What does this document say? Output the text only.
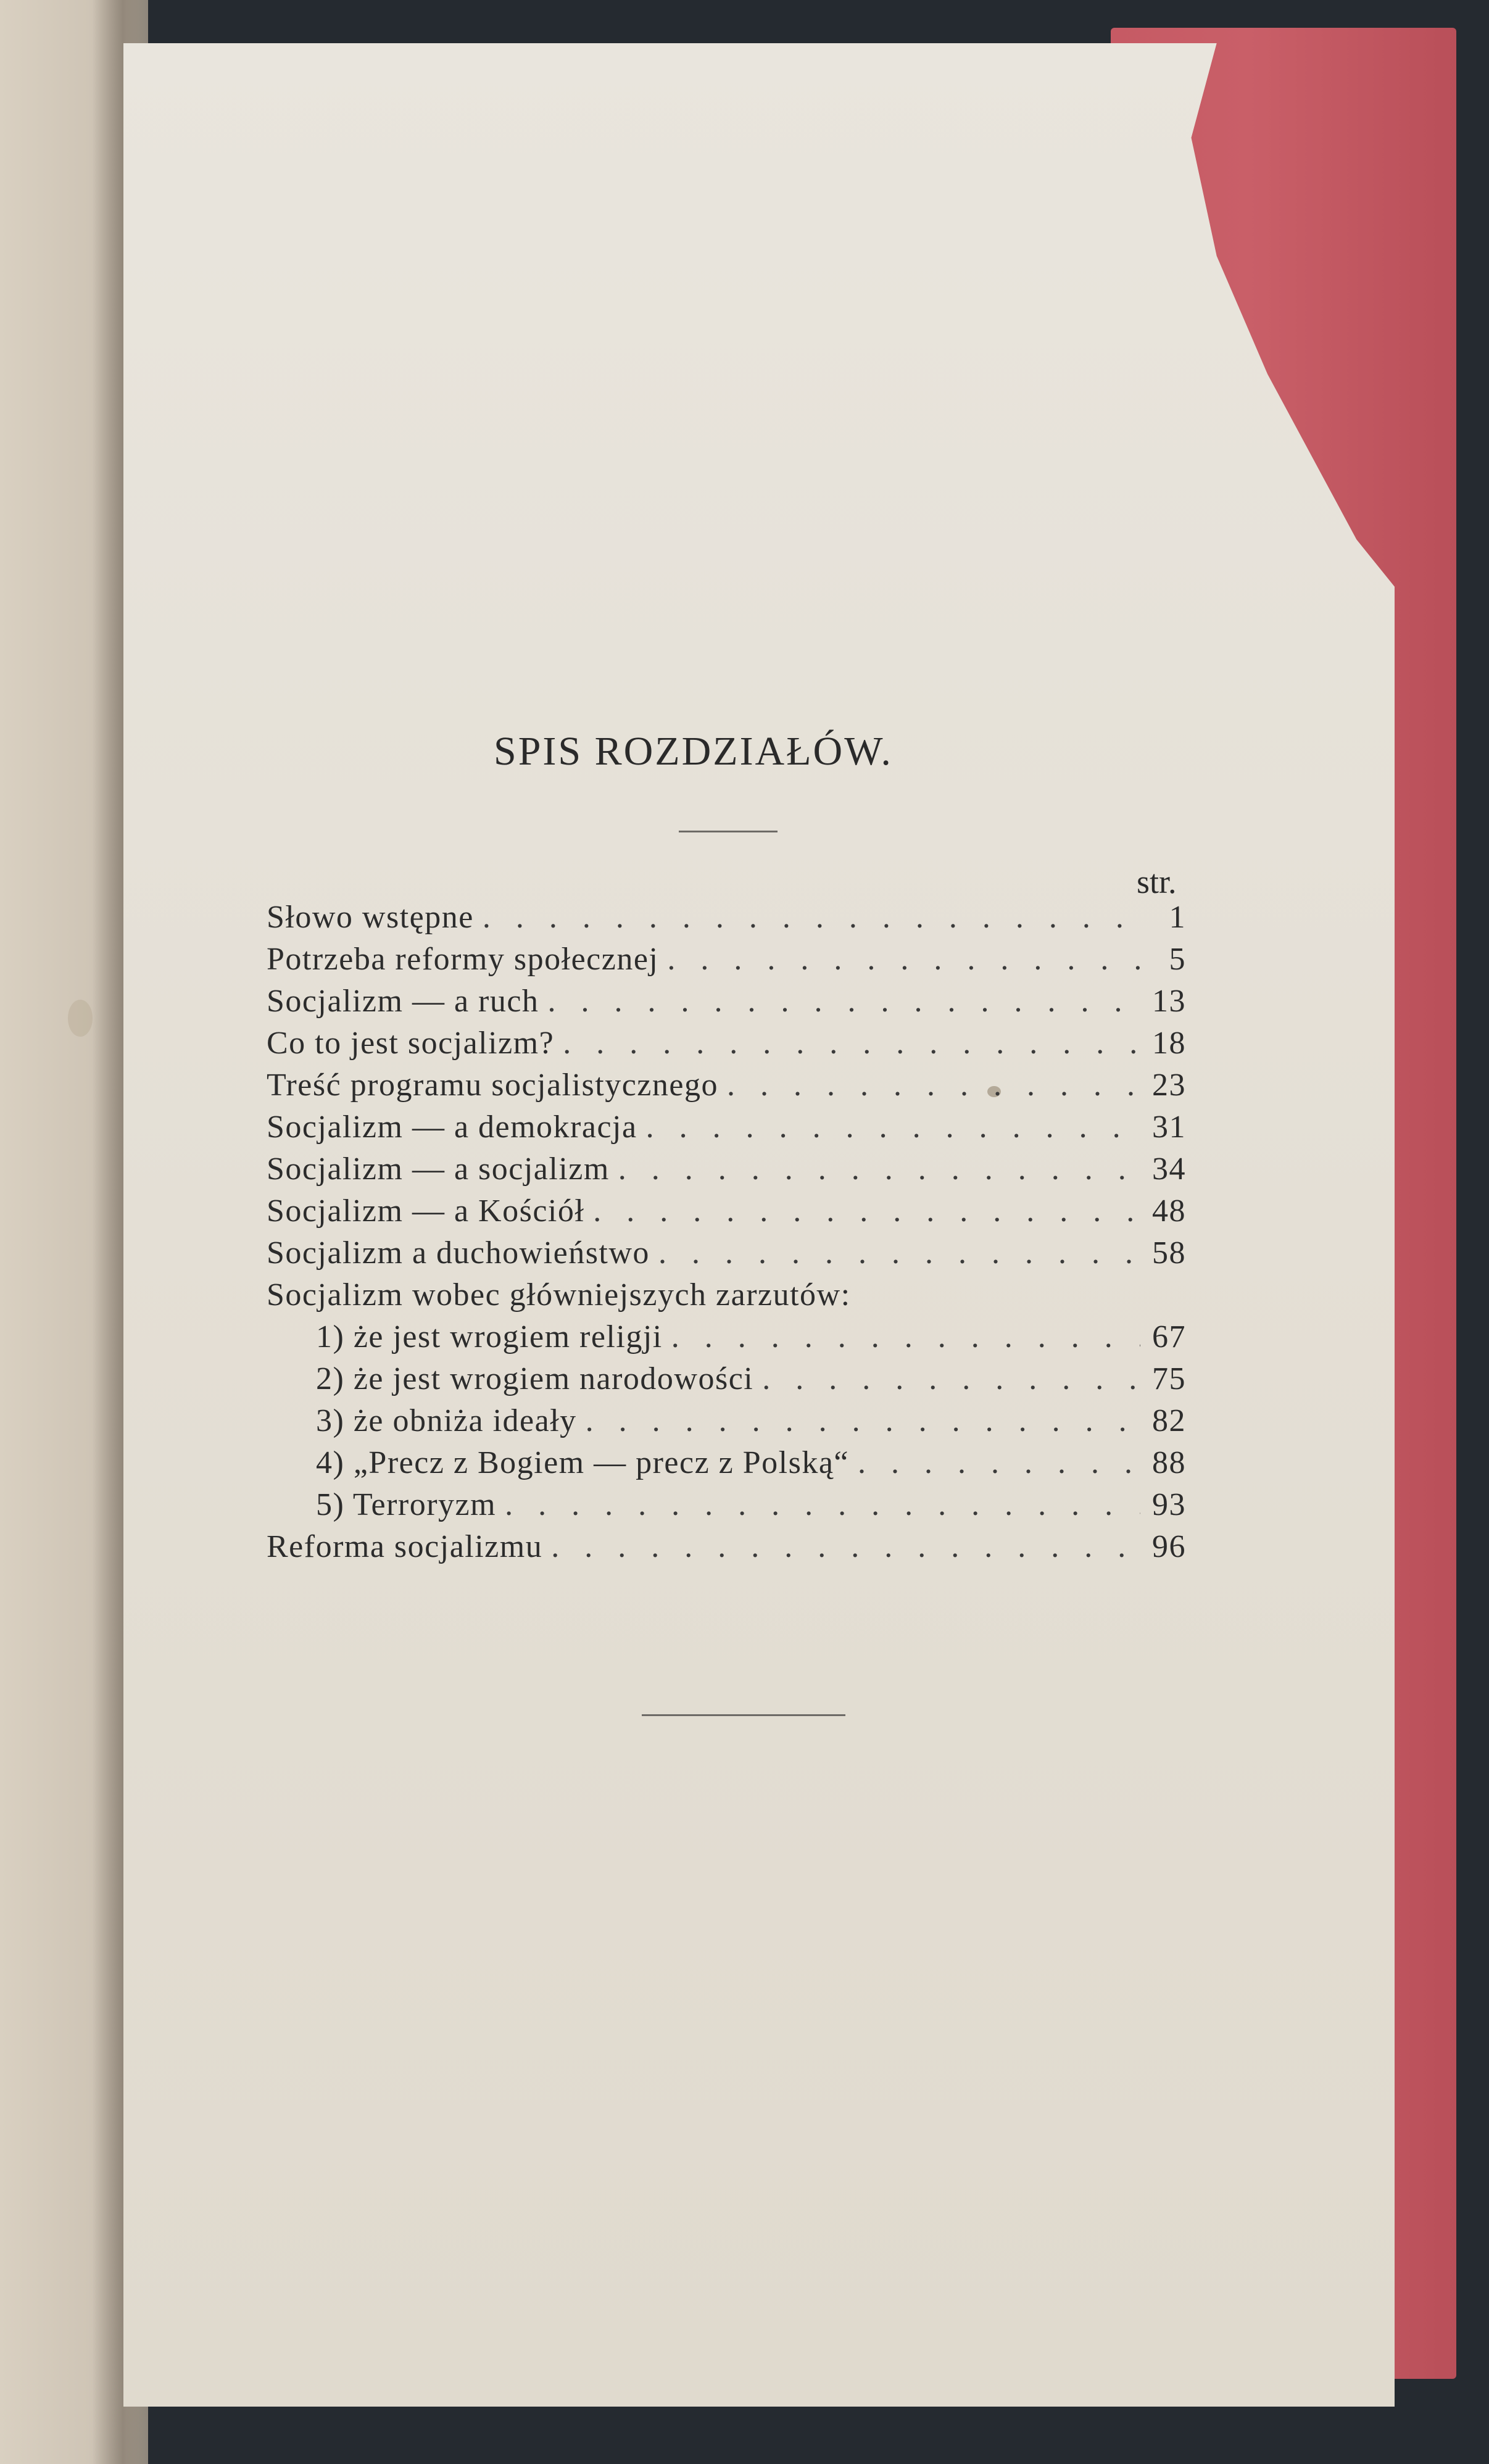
SPIS ROZDZIAŁÓW.
str.
Słowo wstępne . . .	1
Potrzeba reformy społecznej . . .	5
Socjalizm — a ruch . . .	13
Co to jest socjalizm? . . .	18
Treść programu socjalistycznego . . .	23
Socjalizm — a demokracja . . .	31
Socjalizm — a socjalizm . . .	34
Socjalizm — a Kościół . . .	48
Socjalizm a duchowieństwo . . .	58
Socjalizm wobec główniejszych zarzutów:
1) że jest wrogiem religji . . .	67
2) że jest wrogiem narodowości . . .	75
3) że obniża ideały . . .	82
4) „Precz z Bogiem — precz z Polską“ . . .	88
5) Terroryzm . . .	93
Reforma socjalizmu . . .	96
